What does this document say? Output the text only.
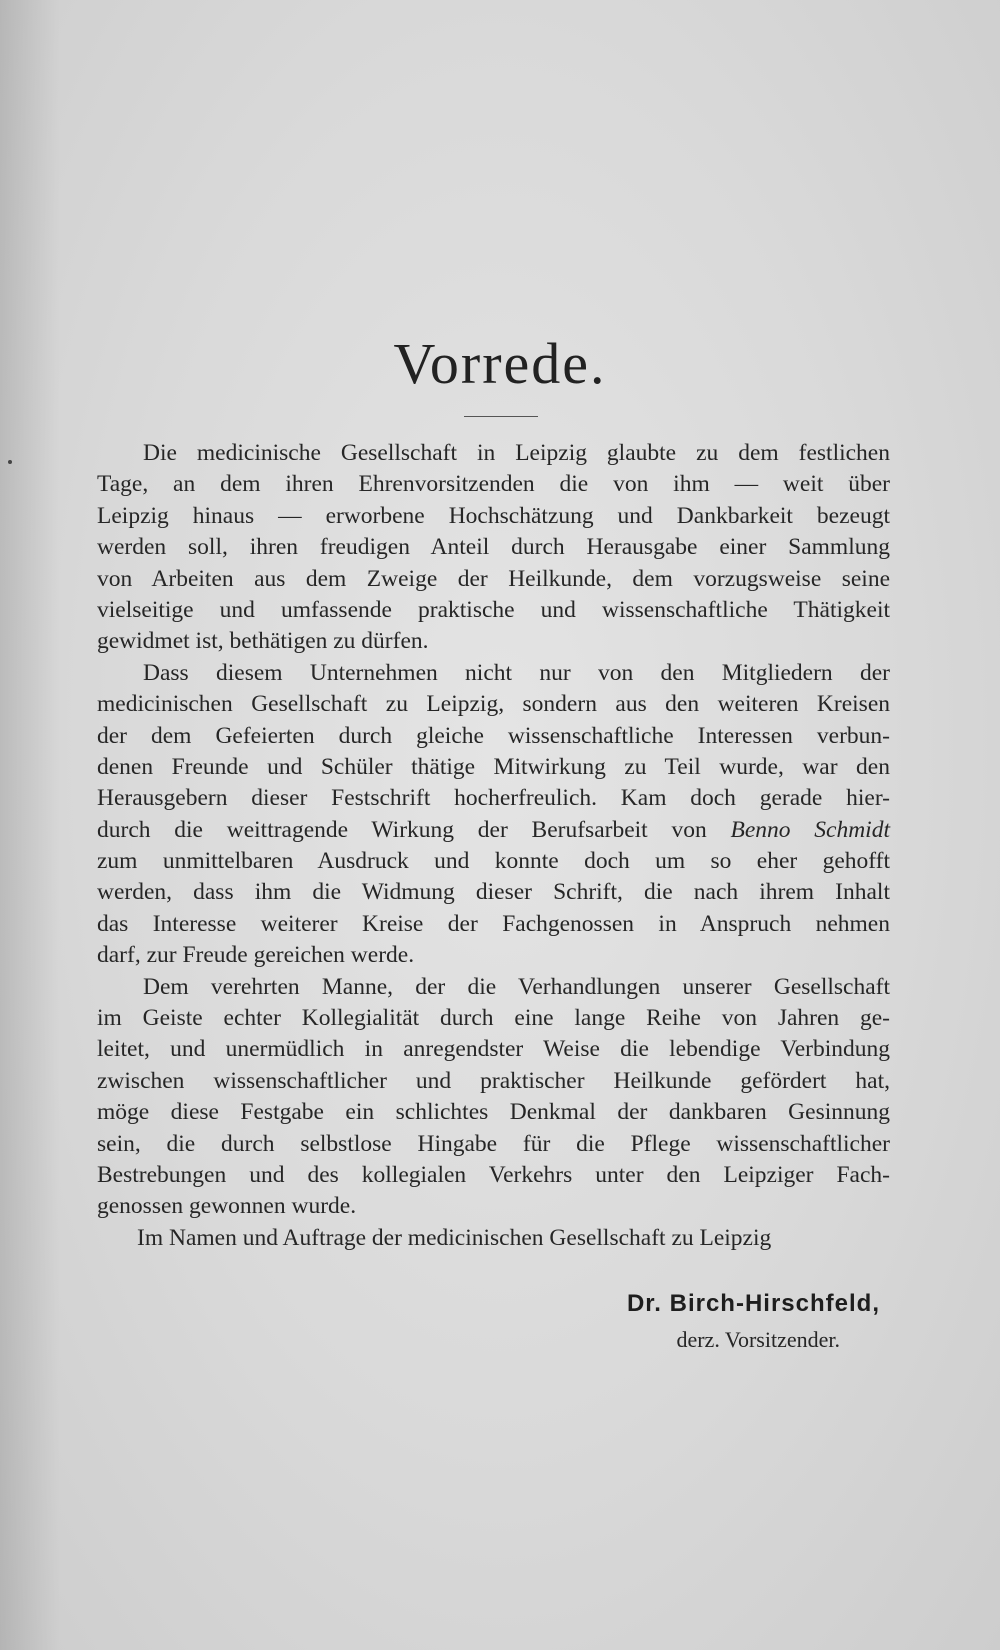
Vorrede.
Die medicinische Gesellschaft in Leipzig glaubte zu dem festlichen
Tage, an dem ihren Ehrenvorsitzenden die von ihm — weit über
Leipzig hinaus — erworbene Hochschätzung und Dankbarkeit bezeugt
werden soll, ihren freudigen Anteil durch Herausgabe einer Sammlung
von Arbeiten aus dem Zweige der Heilkunde, dem vorzugsweise seine
vielseitige und umfassende praktische und wissenschaftliche Thätigkeit
gewidmet ist, bethätigen zu dürfen.
Dass diesem Unternehmen nicht nur von den Mitgliedern der
medicinischen Gesellschaft zu Leipzig, sondern aus den weiteren Kreisen
der dem Gefeierten durch gleiche wissenschaftliche Interessen verbun-
denen Freunde und Schüler thätige Mitwirkung zu Teil wurde, war den
Herausgebern dieser Festschrift hocherfreulich. Kam doch gerade hier-
durch die weittragende Wirkung der Berufsarbeit von Benno Schmidt
zum unmittelbaren Ausdruck und konnte doch um so eher gehofft
werden, dass ihm die Widmung dieser Schrift, die nach ihrem Inhalt
das Interesse weiterer Kreise der Fachgenossen in Anspruch nehmen
darf, zur Freude gereichen werde.
Dem verehrten Manne, der die Verhandlungen unserer Gesellschaft
im Geiste echter Kollegialität durch eine lange Reihe von Jahren ge-
leitet, und unermüdlich in anregendster Weise die lebendige Verbindung
zwischen wissenschaftlicher und praktischer Heilkunde gefördert hat,
möge diese Festgabe ein schlichtes Denkmal der dankbaren Gesinnung
sein, die durch selbstlose Hingabe für die Pflege wissenschaftlicher
Bestrebungen und des kollegialen Verkehrs unter den Leipziger Fach-
genossen gewonnen wurde.
Im Namen und Auftrage der medicinischen Gesellschaft zu Leipzig
Dr. Birch-Hirschfeld,
derz. Vorsitzender.
